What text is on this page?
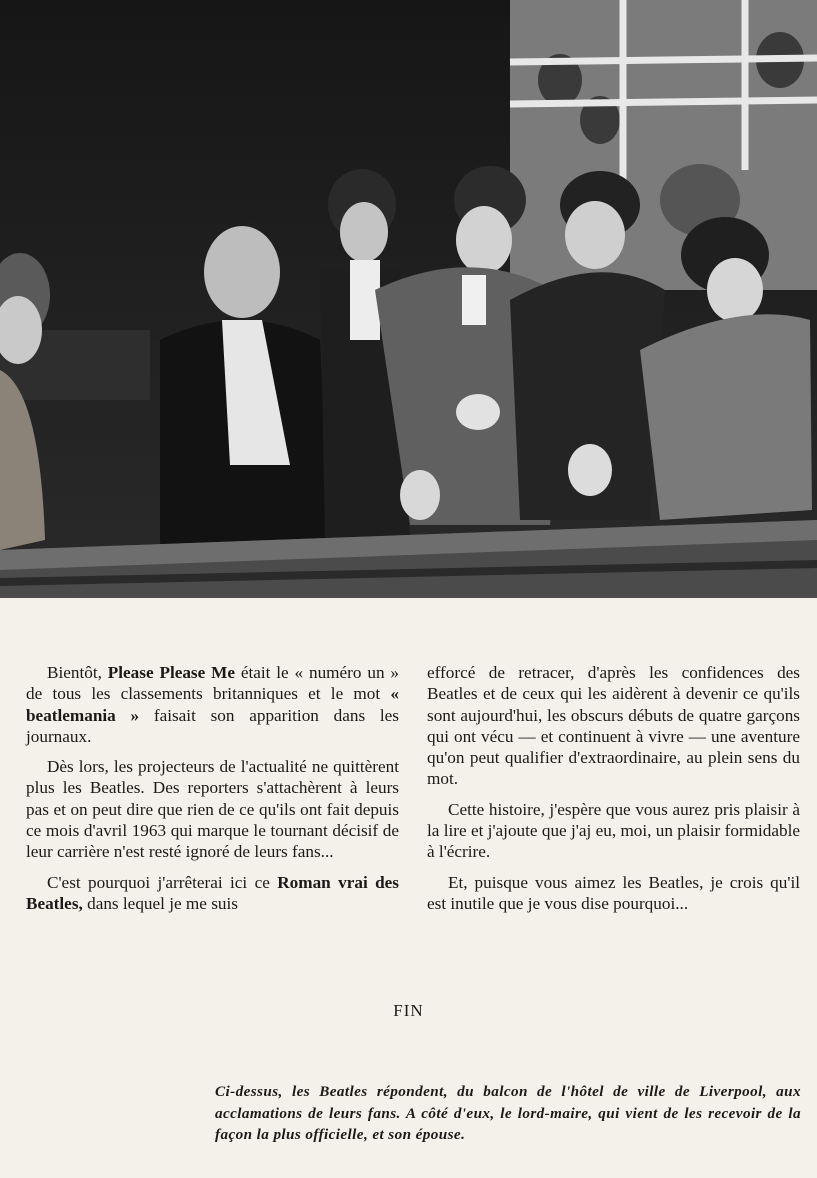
Bientôt, Please Please Me était le « numéro un » de tous les classements britanniques et le mot « beatlemania » faisait son apparition dans les journaux.

Dès lors, les projecteurs de l'actualité ne quittèrent plus les Beatles. Des reporters s'attachèrent à leurs pas et on peut dire que rien de ce qu'ils ont fait depuis ce mois d'avril 1963 qui marque le tournant décisif de leur carrière n'est resté ignoré de leurs fans...

C'est pourquoi j'arrêterai ici ce Roman vrai des Beatles, dans lequel je me suis

efforcé de retracer, d'après les confidences des Beatles et de ceux qui les aidèrent à devenir ce qu'ils sont aujourd'hui, les obscurs débuts de quatre garçons qui ont vécu — et continuent à vivre — une aventure qu'on peut qualifier d'extraordinaire, au plein sens du mot.

Cette histoire, j'espère que vous aurez pris plaisir à la lire et j'ajoute que j'aj eu, moi, un plaisir formidable à l'écrire.

Et, puisque vous aimez les Beatles, je crois qu'il est inutile que je vous dise pourquoi...

FIN

Ci-dessus, les Beatles répondent, du balcon de l'hôtel de ville de Liverpool, aux acclamations de leurs fans. A côté d'eux, le lord-maire, qui vient de les recevoir de la façon la plus officielle, et son épouse.
